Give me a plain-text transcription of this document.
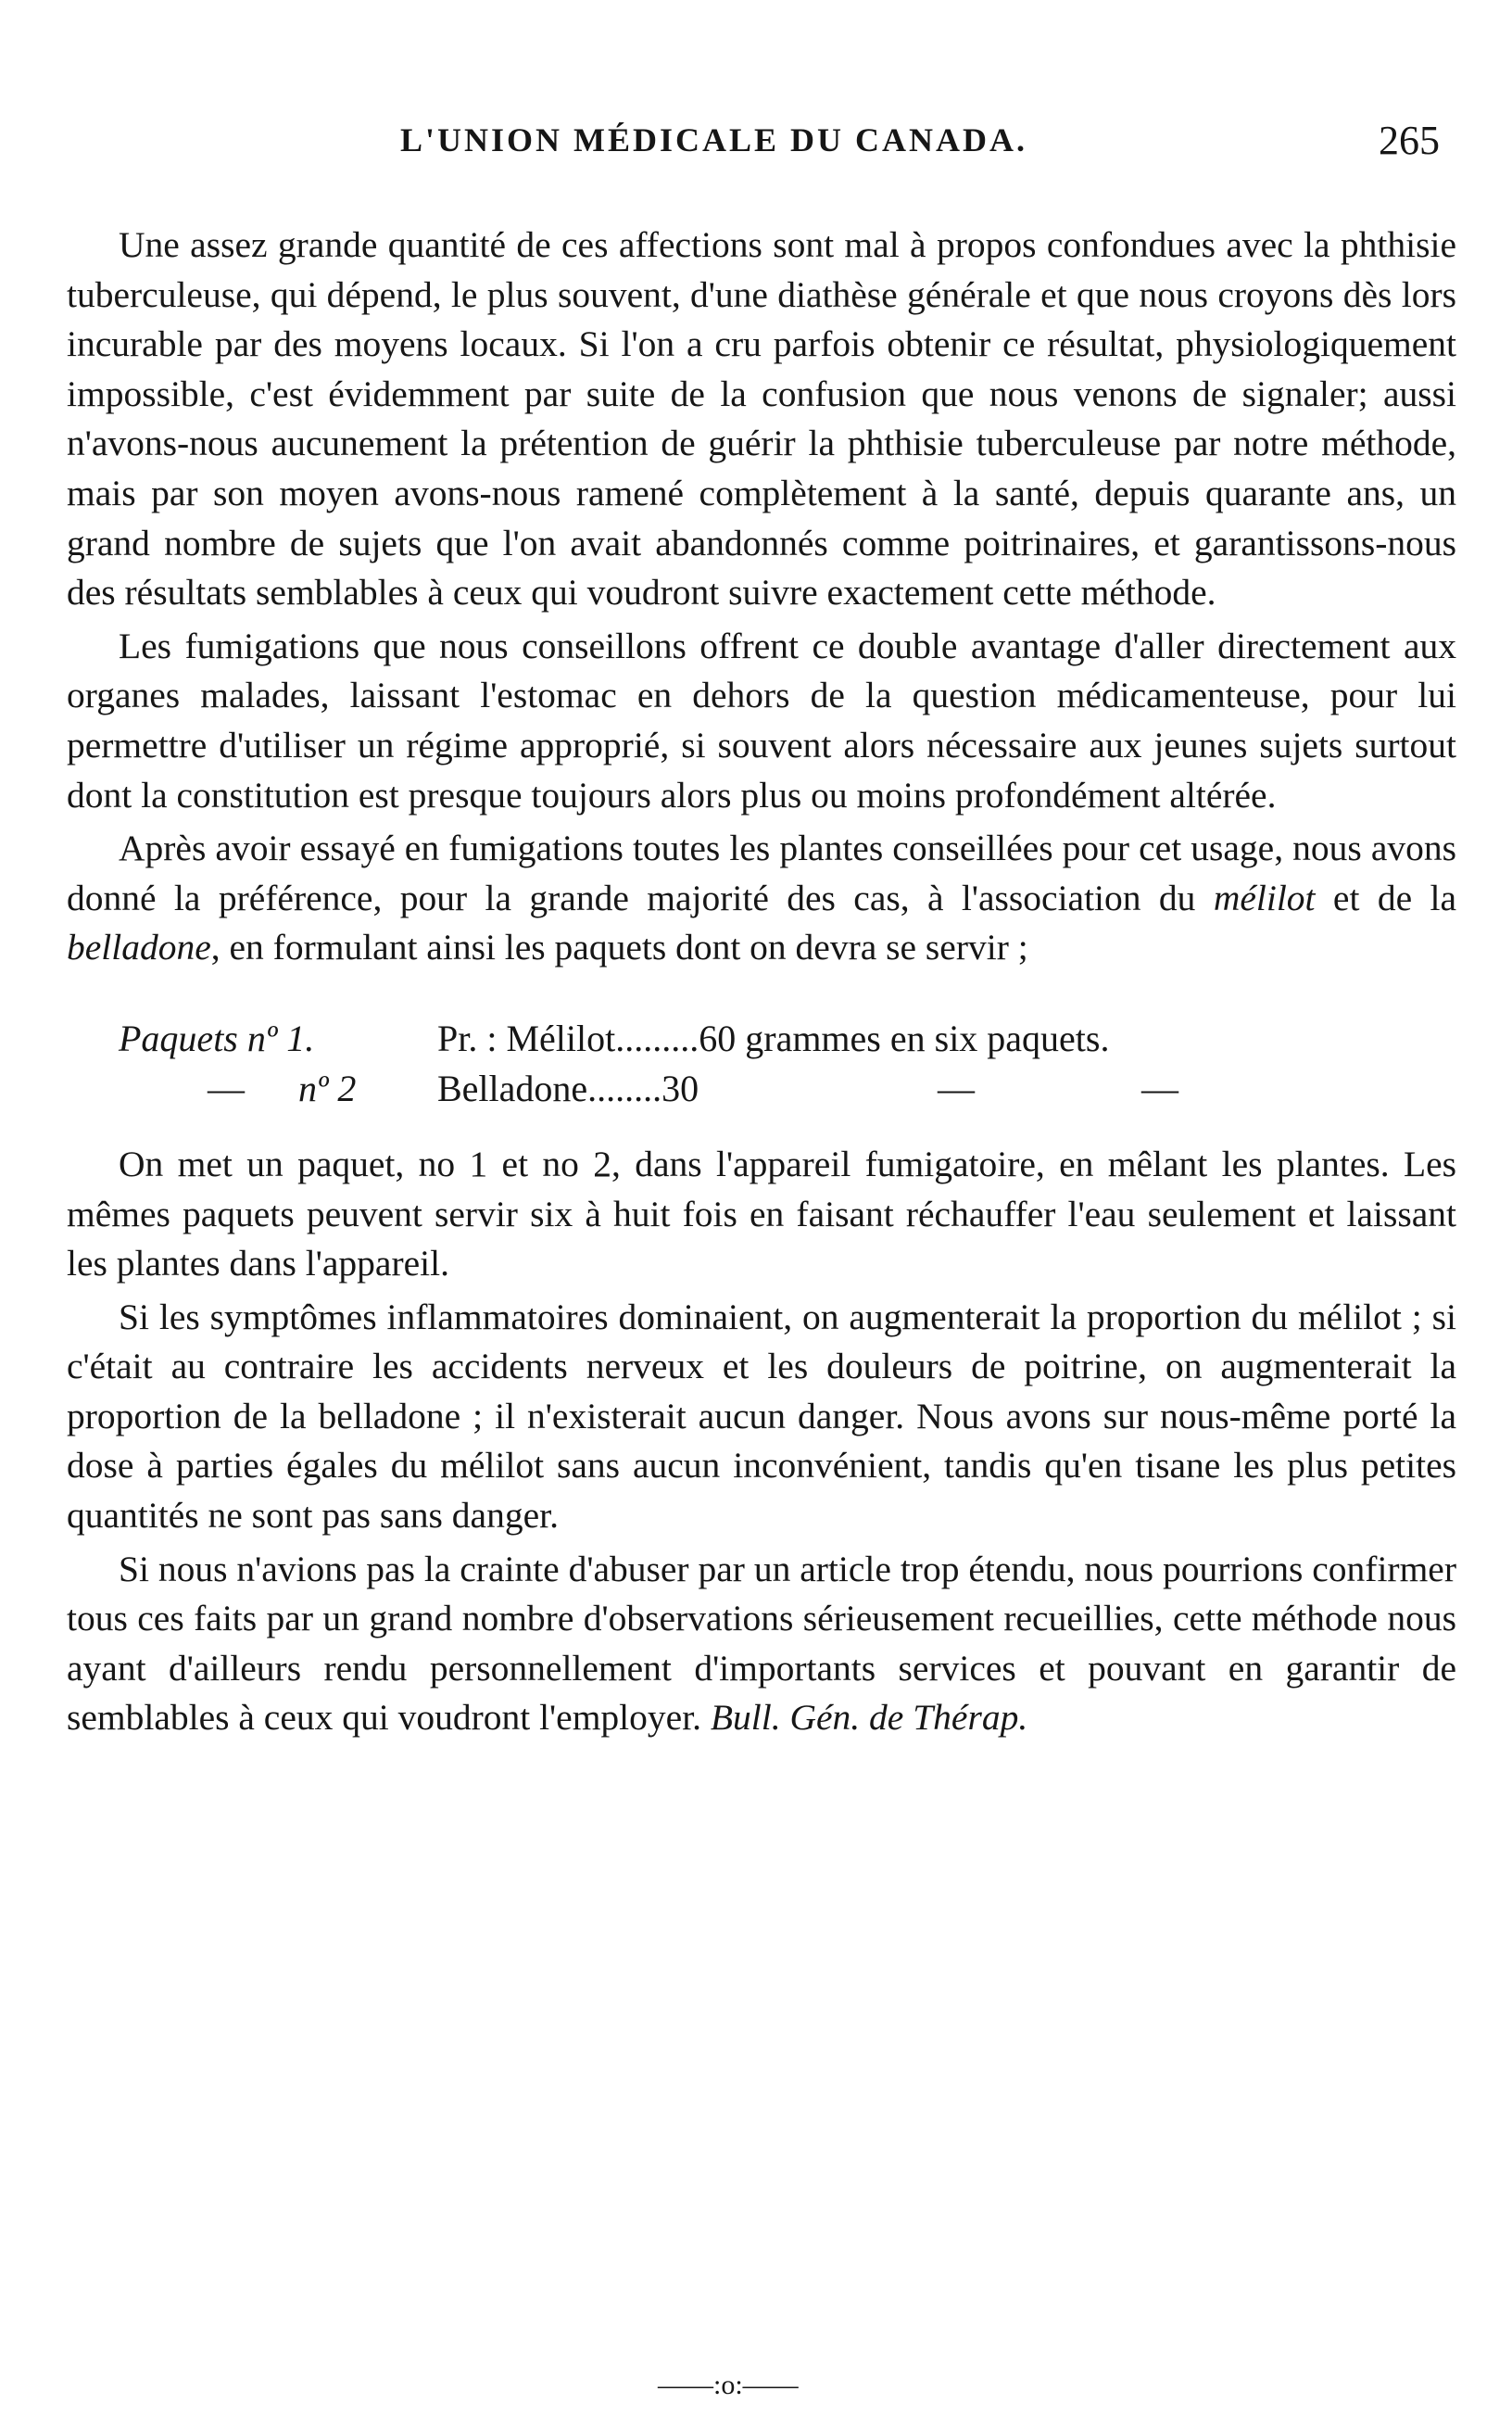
L'UNION MÉDICALE DU CANADA.	265

Une assez grande quantité de ces affections sont mal à propos confondues avec la phthisie tuberculeuse, qui dépend, le plus souvent, d'une diathèse générale et que nous croyons dès lors incurable par des moyens locaux. Si l'on a cru parfois obtenir ce résultat, physiologiquement impossible, c'est évidemment par suite de la confusion que nous venons de signaler; aussi n'avons-nous aucunement la prétention de guérir la phthisie tuberculeuse par notre méthode, mais par son moyen avons-nous ramené complètement à la santé, depuis quarante ans, un grand nombre de sujets que l'on avait abandonnés comme poitrinaires, et garantissons-nous des résultats semblables à ceux qui voudront suivre exactement cette méthode.

Les fumigations que nous conseillons offrent ce double avantage d'aller directement aux organes malades, laissant l'estomac en dehors de la question médicamenteuse, pour lui permettre d'utiliser un régime approprié, si souvent alors nécessaire aux jeunes sujets surtout dont la constitution est presque toujours alors plus ou moins profondément altérée.

Après avoir essayé en fumigations toutes les plantes conseillées pour cet usage, nous avons donné la préférence, pour la grande majorité des cas, à l'association du mélilot et de la belladone, en formulant ainsi les paquets dont on devra se servir ;

Paquets nº 1.	Pr. : Mélilot.........60 grammes en six paquets.
—	nº 2	Belladone........30	—	—

On met un paquet, no 1 et no 2, dans l'appareil fumigatoire, en mêlant les plantes. Les mêmes paquets peuvent servir six à huit fois en faisant réchauffer l'eau seulement et laissant les plantes dans l'appareil.

Si les symptômes inflammatoires dominaient, on augmenterait la proportion du mélilot ; si c'était au contraire les accidents nerveux et les douleurs de poitrine, on augmenterait la proportion de la belladone ; il n'existerait aucun danger. Nous avons sur nous-même porté la dose à parties égales du mélilot sans aucun inconvénient, tandis qu'en tisane les plus petites quantités ne sont pas sans danger.

Si nous n'avions pas la crainte d'abuser par un article trop étendu, nous pourrions confirmer tous ces faits par un grand nombre d'observations sérieusement recueillies, cette méthode nous ayant d'ailleurs rendu personnellement d'importants services et pouvant en garantir de semblables à ceux qui voudront l'employer. Bull. Gén. de Thérap.

——:o:——
